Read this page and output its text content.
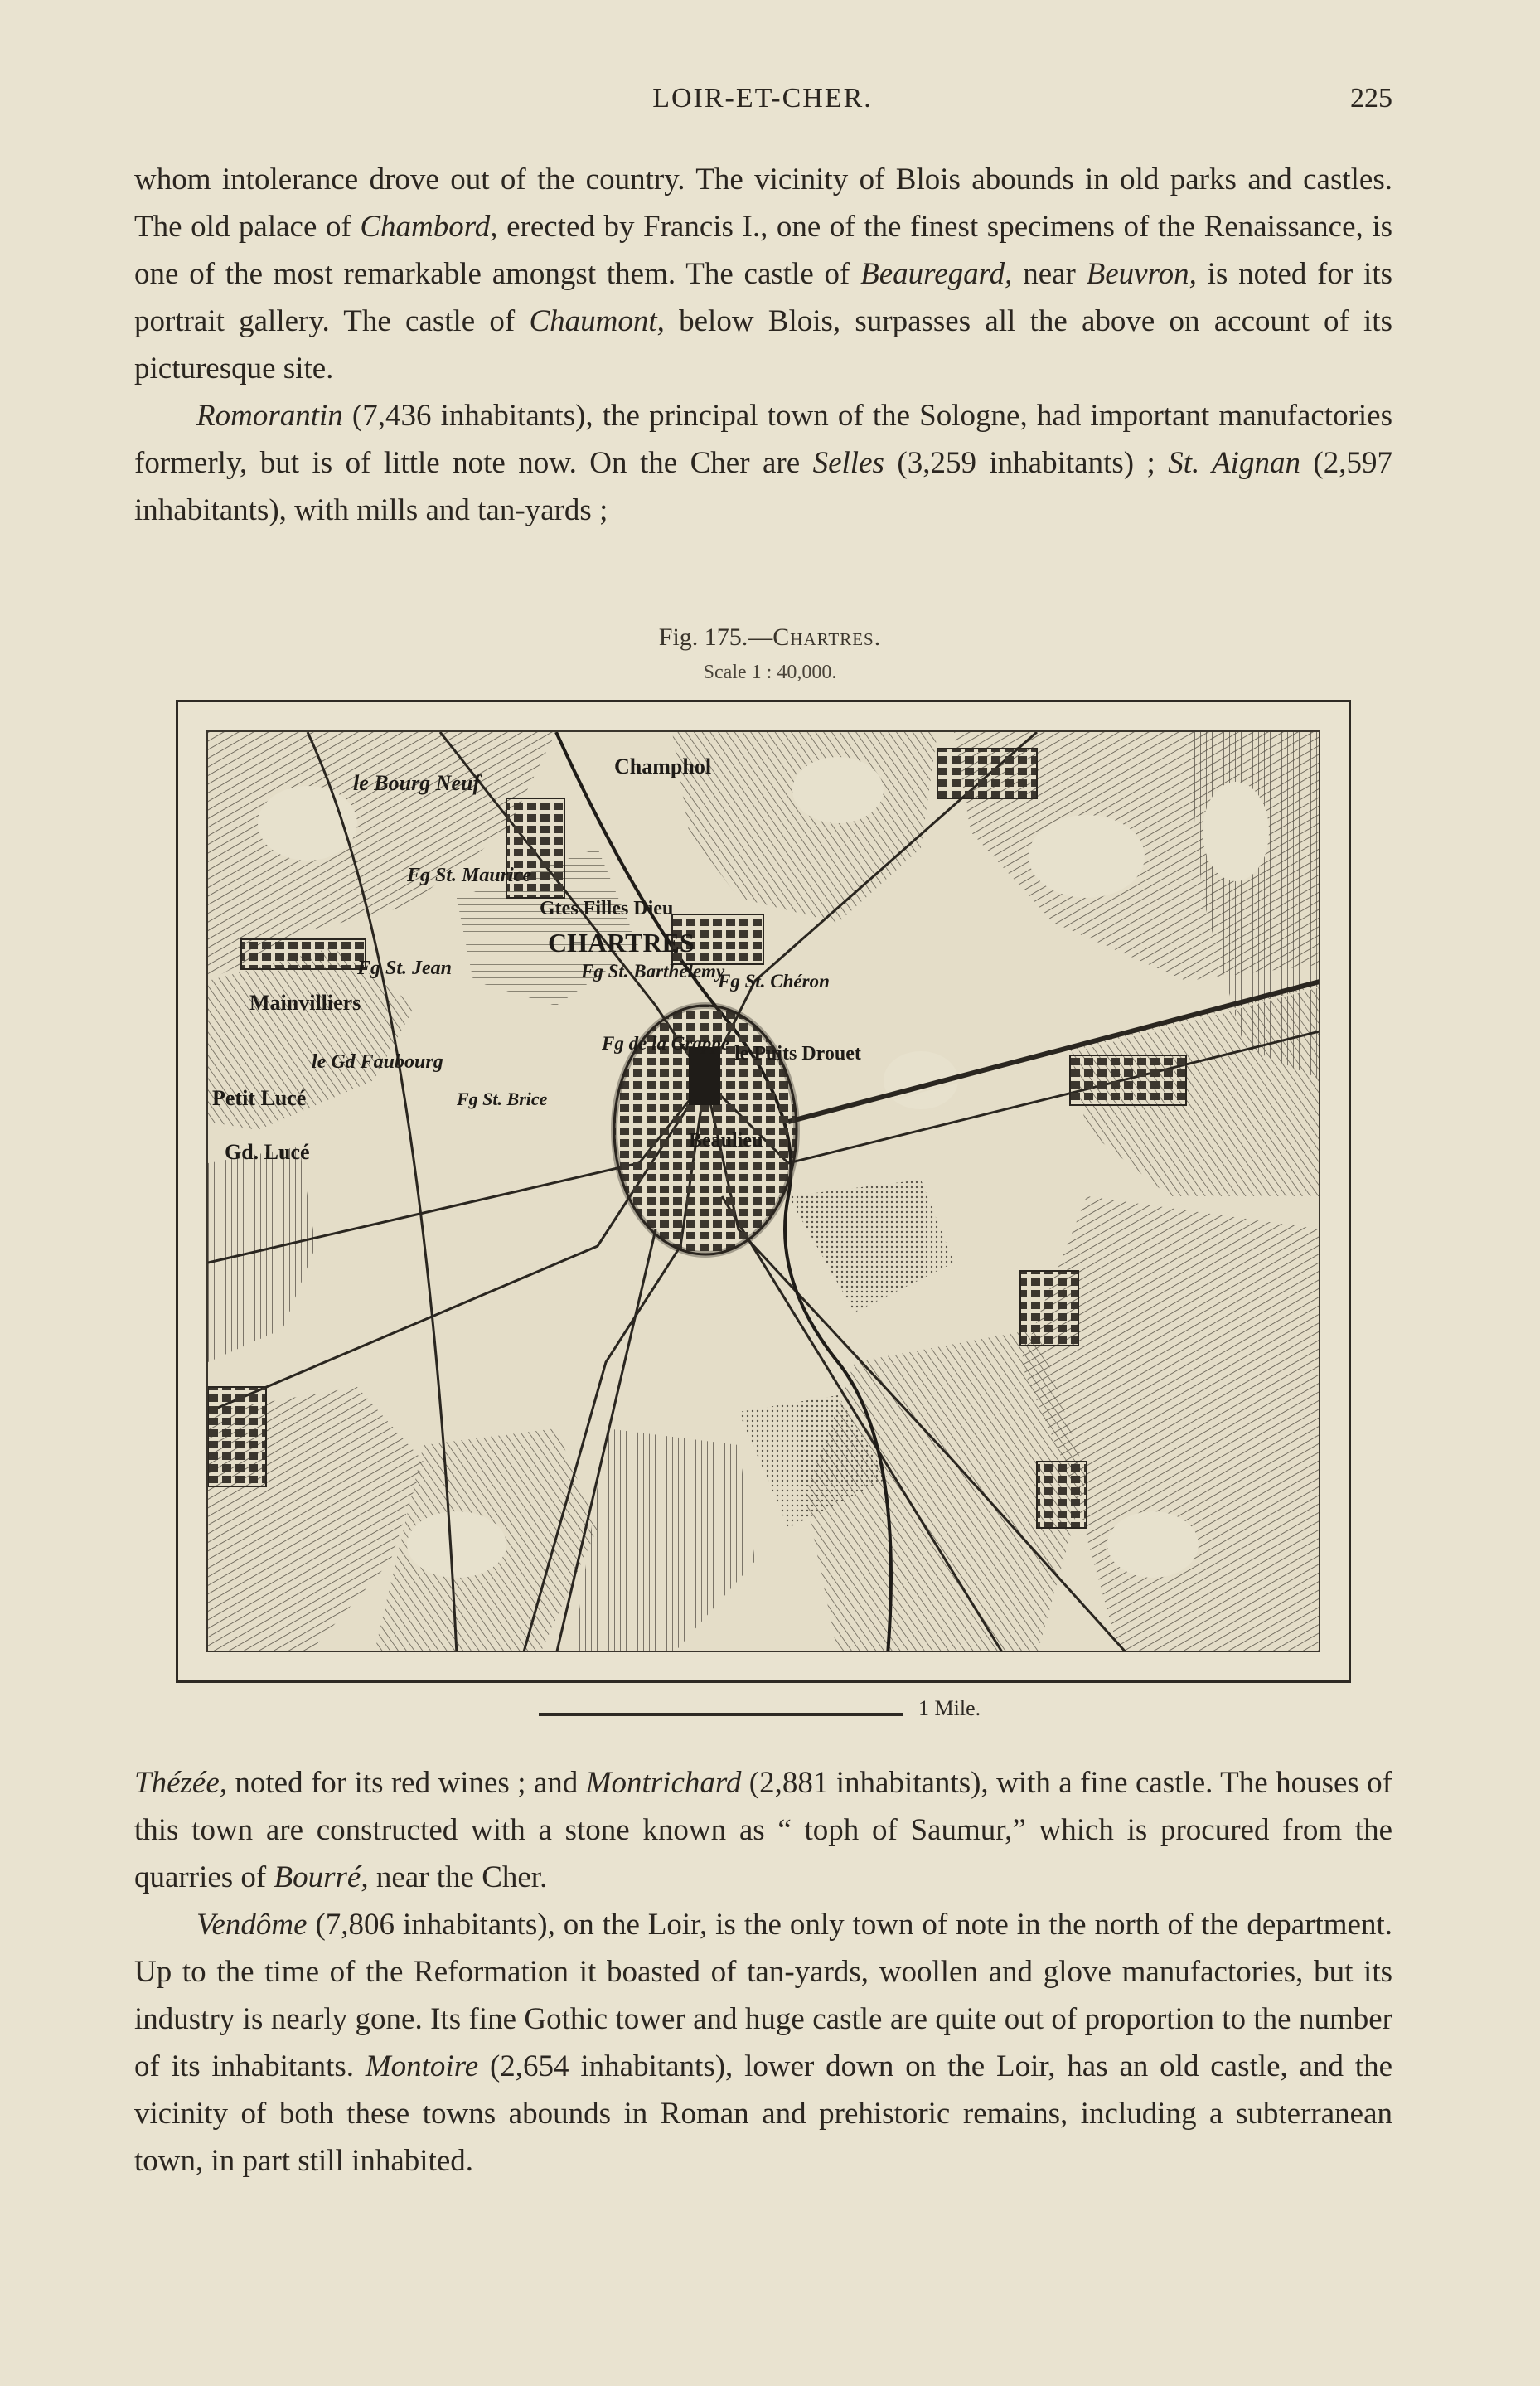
LOIR-ET-CHER.	225

whom intolerance drove out of the country. The vicinity of Blois abounds in old parks and castles. The old palace of Chambord, erected by Francis I., one of the finest specimens of the Renaissance, is one of the most remarkable amongst them. The castle of Beauregard, near Beuvron, is noted for its portrait gallery. The castle of Chaumont, below Blois, surpasses all the above on account of its picturesque site.

Romorantin (7,436 inhabitants), the principal town of the Sologne, had important manufactories formerly, but is of little note now. On the Cher are Selles (3,259 inhabitants) ; St. Aignan (2,597 inhabitants), with mills and tan-yards ;

Fig. 175.—Chartres.
Scale 1 : 40,000.
le Bourg Neuf
Champhol
Fg St. Maurice
Gtes Filles Dieu
CHARTRES
Fg St. Jean	Fg St. Barthélemy
Fg St. Chéron
Mainvilliers
Fg de la Grappe le Puits Drouet
le Gd Faubourg
Petit Lucé	Fg St. Brice
Gd. Lucé	Beaulieu
1 Mile.

Thézée, noted for its red wines ; and Montrichard (2,881 inhabitants), with a fine castle. The houses of this town are constructed with a stone known as “ toph of Saumur,” which is procured from the quarries of Bourré, near the Cher.

Vendôme (7,806 inhabitants), on the Loir, is the only town of note in the north of the department. Up to the time of the Reformation it boasted of tan-yards, woollen and glove manufactories, but its industry is nearly gone. Its fine Gothic tower and huge castle are quite out of proportion to the number of its inhabitants. Montoire (2,654 inhabitants), lower down on the Loir, has an old castle, and the vicinity of both these towns abounds in Roman and prehistoric remains, including a subterranean town, in part still inhabited.
